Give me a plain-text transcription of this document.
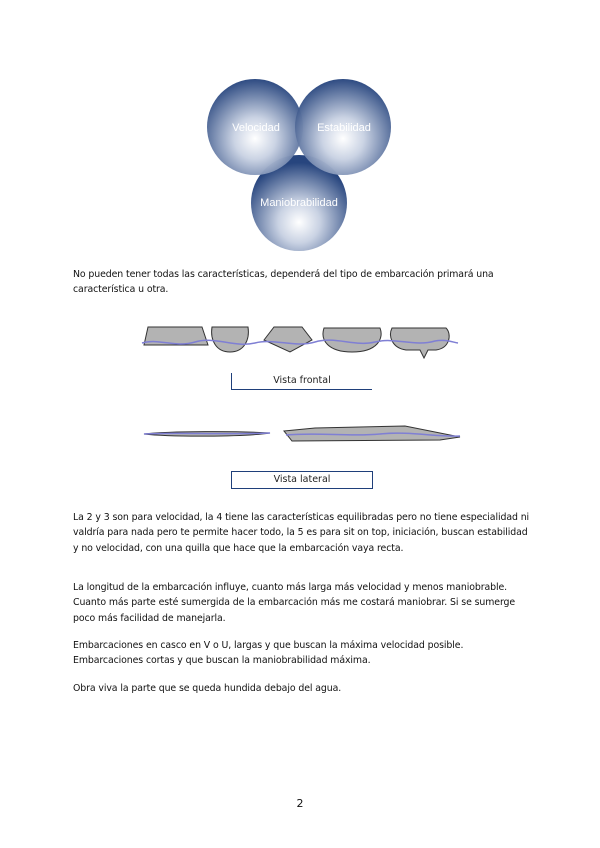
Velocidad	Estabilidad
Maniobrabilidad

No pueden tener todas las características, dependerá del tipo de embarcación primará una característica u otra.

Vista frontal
Vista lateral

La 2 y 3 son para velocidad, la 4 tiene las características equilibradas pero no tiene especialidad ni valdría para nada pero te permite hacer todo, la 5 es para sit on top, iniciación, buscan estabilidad y no velocidad, con una quilla que hace que la embarcación vaya recta.

La longitud de la embarcación influye, cuanto más larga más velocidad y menos maniobrable. Cuanto más parte esté sumergida de la embarcación más me costará maniobrar. Si se sumerge poco más facilidad de manejarla.

Embarcaciones en casco en V o U, largas y que buscan la máxima velocidad posible.

Embarcaciones cortas y que buscan la maniobrabilidad máxima.

Obra viva la parte que se queda hundida debajo del agua.

2
